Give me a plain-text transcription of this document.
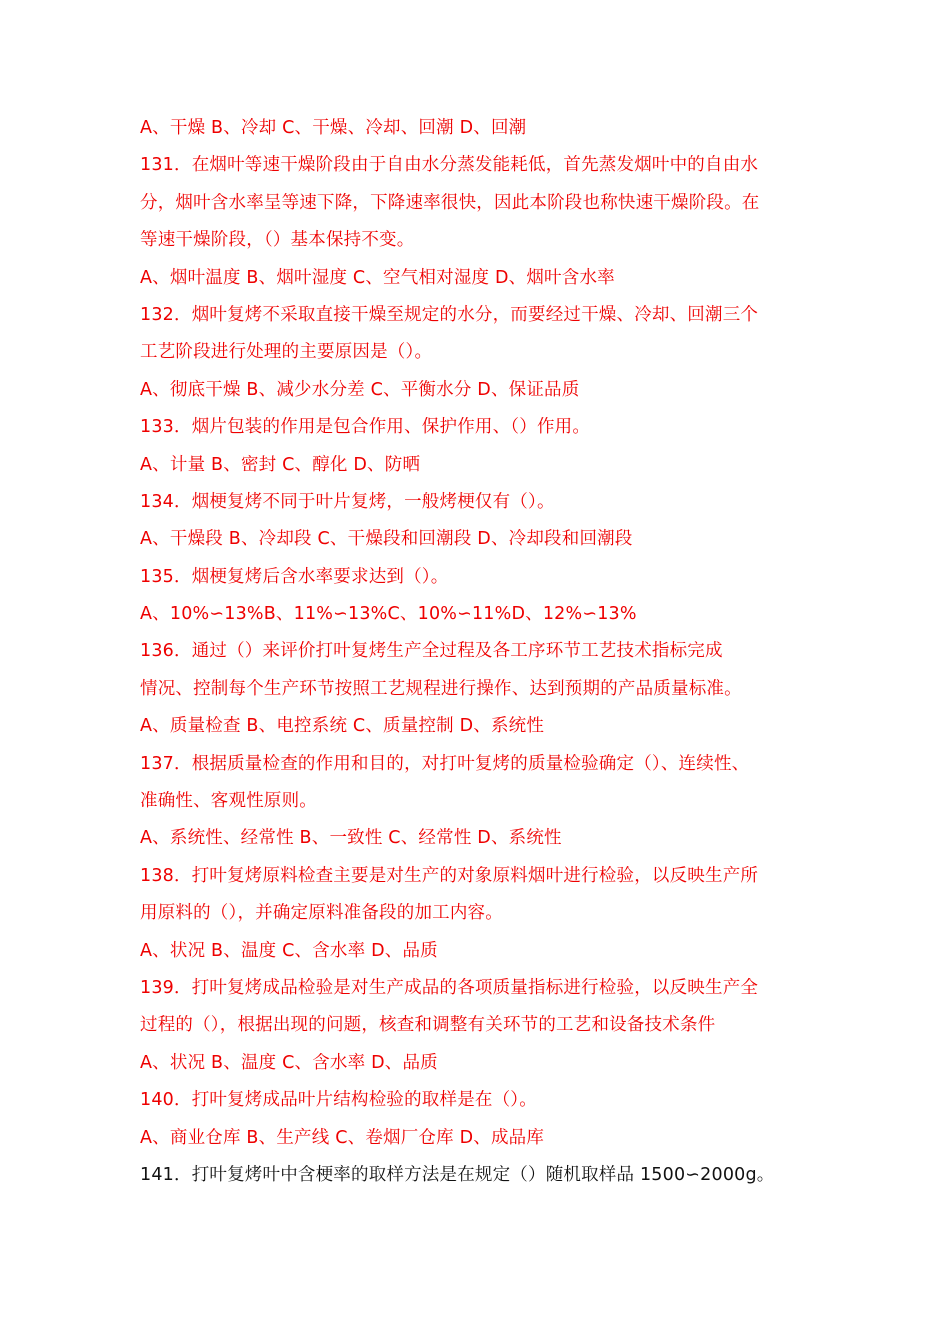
A、干燥 B、冷却 C、干燥、冷却、回潮 D、回潮
131．在烟叶等速干燥阶段由于自由水分蒸发能耗低，首先蒸发烟叶中的自由水
分，烟叶含水率呈等速下降，下降速率很快，因此本阶段也称快速干燥阶段。在
等速干燥阶段，（）基本保持不变。
A、烟叶温度 B、烟叶湿度 C、空气相对湿度 D、烟叶含水率
132．烟叶复烤不采取直接干燥至规定的水分，而要经过干燥、冷却、回潮三个
工艺阶段进行处理的主要原因是（）。
A、彻底干燥 B、减少水分差 C、平衡水分 D、保证品质
133．烟片包装的作用是包合作用、保护作用、（）作用。
A、计量 B、密封 C、醇化 D、防晒
134．烟梗复烤不同于叶片复烤，一般烤梗仅有（）。
A、干燥段 B、冷却段 C、干燥段和回潮段 D、冷却段和回潮段
135．烟梗复烤后含水率要求达到（）。
A、10%∽13%B、11%∽13%C、10%∽11%D、12%∽13%
136．通过（）来评价打叶复烤生产全过程及各工序环节工艺技术指标完成
情况、控制每个生产环节按照工艺规程进行操作、达到预期的产品质量标准。
A、质量检查 B、电控系统 C、质量控制 D、系统性
137．根据质量检查的作用和目的，对打叶复烤的质量检验确定（）、连续性、
准确性、客观性原则。
A、系统性、经常性 B、一致性 C、经常性 D、系统性
138．打叶复烤原料检查主要是对生产的对象原料烟叶进行检验，以反映生产所
用原料的（），并确定原料准备段的加工内容。
A、状况 B、温度 C、含水率 D、品质
139．打叶复烤成品检验是对生产成品的各项质量指标进行检验，以反映生产全
过程的（），根据出现的问题，核查和调整有关环节的工艺和设备技术条件
A、状况 B、温度 C、含水率 D、品质
140．打叶复烤成品叶片结构检验的取样是在（）。
A、商业仓库 B、生产线 C、卷烟厂仓库 D、成品库
141．打叶复烤叶中含梗率的取样方法是在规定（）随机取样品 1500∽2000g。
